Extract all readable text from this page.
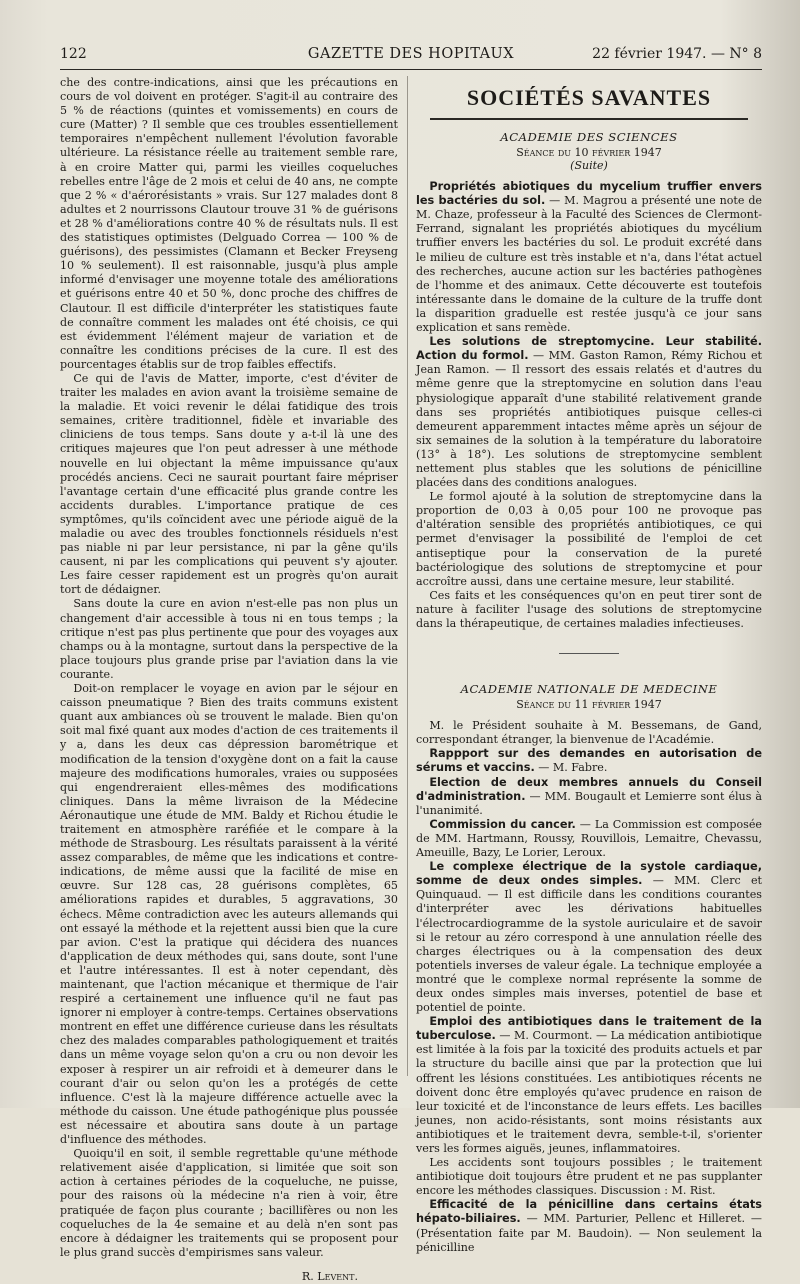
122	GAZETTE DES HOPITAUX	22 février 1947. — N° 8

che des contre-indications, ainsi que les précautions en cours de vol doivent en protéger. S'agit-il au contraire des 5 % de réactions (quintes et vomissements) en cours de cure (Matter) ? Il semble que ces troubles essentiellement temporaires n'empêchent nullement l'évolution favorable ultérieure. La résistance réelle au traitement semble rare, à en croire Matter qui, parmi les vieilles coqueluches rebelles entre l'âge de 2 mois et celui de 40 ans, ne compte que 2 % « d'aérorésistants » vrais. Sur 127 malades dont 8 adultes et 2 nourrissons Clautour trouve 31 % de guérisons et 28 % d'améliorations contre 40 % de résultats nuls. Il est des statistiques optimistes (Delguado Correa — 100 % de guérisons), des pessimistes (Clamann et Becker Freyseng 10 % seulement). Il est raisonnable, jusqu'à plus ample informé d'envisager une moyenne totale des améliorations et guérisons entre 40 et 50 %, donc proche des chiffres de Clautour. Il est difficile d'interpréter les statistiques faute de connaître comment les malades ont été choisis, ce qui est évidemment l'élément majeur de variation et de connaître les conditions précises de la cure. Il est des pourcentages établis sur de trop faibles effectifs.

Ce qui de l'avis de Matter, importe, c'est d'éviter de traiter les malades en avion avant la troisième semaine de la maladie. Et voici revenir le délai fatidique des trois semaines, critère traditionnel, fidèle et invariable des cliniciens de tous temps. Sans doute y a-t-il là une des critiques majeures que l'on peut adresser à une méthode nouvelle en lui objectant la même impuissance qu'aux procédés anciens. Ceci ne saurait pourtant faire mépriser l'avantage certain d'une efficacité plus grande contre les accidents durables. L'importance pratique de ces symptômes, qu'ils coïncident avec une période aiguë de la maladie ou avec des troubles fonctionnels résiduels n'est pas niable ni par leur persistance, ni par la gêne qu'ils causent, ni par les complications qui peuvent s'y ajouter. Les faire cesser rapidement est un progrès qu'on aurait tort de dédaigner.

Sans doute la cure en avion n'est-elle pas non plus un changement d'air accessible à tous ni en tous temps ; la critique n'est pas plus pertinente que pour des voyages aux champs ou à la montagne, surtout dans la perspective de la place toujours plus grande prise par l'aviation dans la vie courante.

Doit-on remplacer le voyage en avion par le séjour en caisson pneumatique ? Bien des traits communs existent quant aux ambiances où se trouvent le malade. Bien qu'on soit mal fixé quant aux modes d'action de ces traitements il y a, dans les deux cas dépression barométrique et modification de la tension d'oxygène dont on a fait la cause majeure des modifications humorales, vraies ou supposées qui engendreraient elles-mêmes des modifications cliniques. Dans la même livraison de la Médecine Aéronautique une étude de MM. Baldy et Richou étudie le traitement en atmosphère raréfiée et le compare à la méthode de Strasbourg. Les résultats paraissent à la vérité assez comparables, de même que les indications et contre-indications, de même aussi que la facilité de mise en œuvre. Sur 128 cas, 28 guérisons complètes, 65 améliorations rapides et durables, 5 aggravations, 30 échecs. Même contradiction avec les auteurs allemands qui ont essayé la méthode et la rejettent aussi bien que la cure par avion. C'est la pratique qui décidera des nuances d'application de deux méthodes qui, sans doute, sont l'une et l'autre intéressantes. Il est à noter cependant, dès maintenant, que l'action mécanique et thermique de l'air respiré a certainement une influence qu'il ne faut pas ignorer ni employer à contre-temps. Certaines observations montrent en effet une différence curieuse dans les résultats chez des malades comparables pathologiquement et traités dans un même voyage selon qu'on a cru ou non devoir les exposer à respirer un air refroidi et à demeurer dans le courant d'air ou selon qu'on les a protégés de cette influence. C'est là la majeure différence actuelle avec la méthode du caisson. Une étude pathogénique plus poussée est nécessaire et aboutira sans doute à un partage d'influence des méthodes.

Quoiqu'il en soit, il semble regrettable qu'une méthode relativement aisée d'application, si limitée que soit son action à certaines périodes de la coqueluche, ne puisse, pour des raisons où la médecine n'a rien à voir, être pratiquée de façon plus courante ; bacillifères ou non les coqueluches de la 4e semaine et au delà n'en sont pas encore à dédaigner les traitements qui se proposent pour le plus grand succès d'empirismes sans valeur.

R. Levent.
SOCIÉTÉS SAVANTES
ACADEMIE DES SCIENCES
Séance du 10 février 1947
(Suite)

Propriétés abiotiques du mycelium truffier envers les bactéries du sol. — M. Magrou a présenté une note de M. Chaze, professeur à la Faculté des Sciences de Clermont-Ferrand, signalant les propriétés abiotiques du mycélium truffier envers les bactéries du sol. Le produit excrété dans le milieu de culture est très instable et n'a, dans l'état actuel des recherches, aucune action sur les bactéries pathogènes de l'homme et des animaux. Cette découverte est toutefois intéressante dans le domaine de la culture de la truffe dont la disparition graduelle est restée jusqu'à ce jour sans explication et sans remède.

Les solutions de streptomycine. Leur stabilité. Action du formol. — MM. Gaston Ramon, Rémy Richou et Jean Ramon. — Il ressort des essais relatés et d'autres du même genre que la streptomycine en solution dans l'eau physiologique apparaît d'une stabilité relativement grande dans ses propriétés antibiotiques puisque celles-ci demeurent apparemment intactes même après un séjour de six semaines de la solution à la température du laboratoire (13° à 18°). Les solutions de streptomycine semblent nettement plus stables que les solutions de pénicilline placées dans des conditions analogues.

Le formol ajouté à la solution de streptomycine dans la proportion de 0,03 à 0,05 pour 100 ne provoque pas d'altération sensible des propriétés antibiotiques, ce qui permet d'envisager la possibilité de l'emploi de cet antiseptique pour la conservation de la pureté bactériologique des solutions de streptomycine et pour accroître aussi, dans une certaine mesure, leur stabilité.

Ces faits et les conséquences qu'on en peut tirer sont de nature à faciliter l'usage des solutions de streptomycine dans la thérapeutique, de certaines maladies infectieuses.

ACADEMIE NATIONALE DE MEDECINE
Séance du 11 février 1947

M. le Président souhaite à M. Bessemans, de Gand, correspondant étranger, la bienvenue de l'Académie.

Rappport sur des demandes en autorisation de sérums et vaccins. — M. Fabre.

Election de deux membres annuels du Conseil d'administration. — MM. Bougault et Lemierre sont élus à l'unanimité.

Commission du cancer. — La Commission est composée de MM. Hartmann, Roussy, Rouvillois, Lemaitre, Chevassu, Ameuille, Bazy, Le Lorier, Leroux.

Le complexe électrique de la systole cardiaque, somme de deux ondes simples. — MM. Clerc et Quinquaud. — Il est difficile dans les conditions courantes d'interpréter avec les dérivations habituelles l'électrocardiogramme de la systole auriculaire et de savoir si le retour au zéro correspond à une annulation réelle des charges électriques ou à la compensation des deux potentiels inverses de valeur égale. La technique employée a montré que le complexe normal représente la somme de deux ondes simples mais inverses, potentiel de base et potentiel de pointe.

Emploi des antibiotiques dans le traitement de la tuberculose. — M. Courmont. — La médication antibiotique est limitée à la fois par la toxicité des produits actuels et par la structure du bacille ainsi que par la protection que lui offrent les lésions constituées. Les antibiotiques récents ne doivent donc être employés qu'avec prudence en raison de leur toxicité et de l'inconstance de leurs effets. Les bacilles jeunes, non acido-résistants, sont moins résistants aux antibiotiques et le traitement devra, semble-t-il, s'orienter vers les formes aiguës, jeunes, inflammatoires.

Les accidents sont toujours possibles ; le traitement antibiotique doit toujours être prudent et ne pas supplanter encore les méthodes classiques. Discussion : M. Rist.

Efficacité de la pénicilline dans certains états hépato-biliaires. — MM. Parturier, Pellenc et Hilleret. — (Présentation faite par M. Baudoin). — Non seulement la pénicilline
